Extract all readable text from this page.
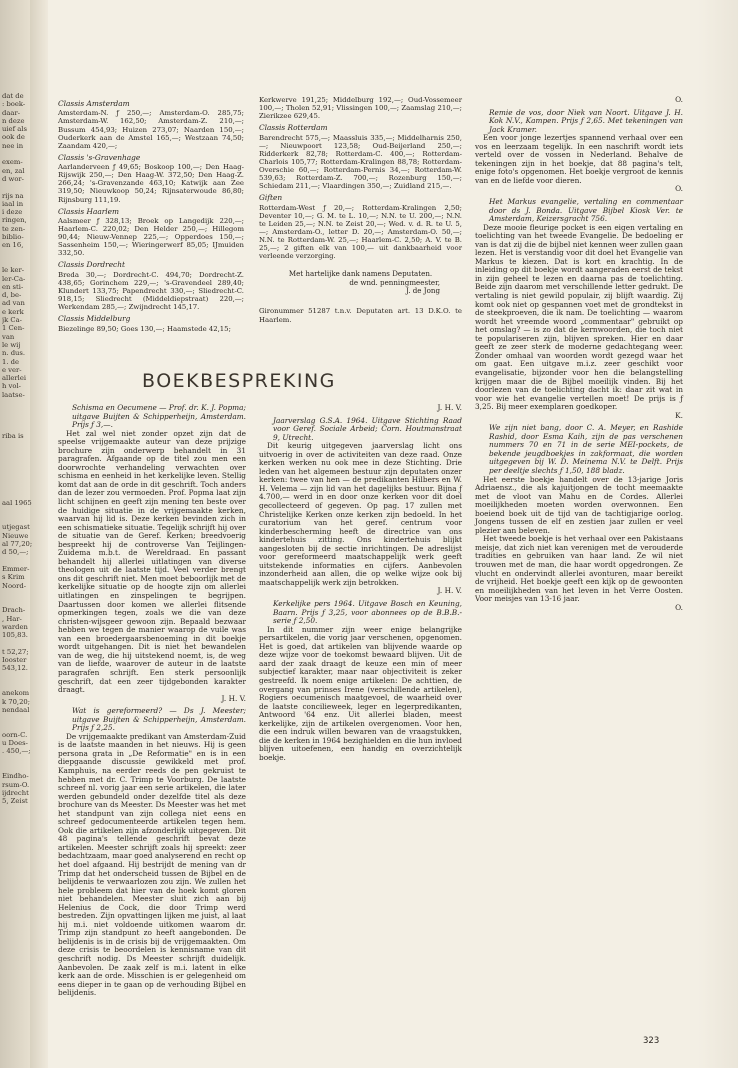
dat de
: boek-
daar-
n deze
uief als
ook de
nee in

exem-
en, zal
d wor-

rijs na
iaal in
i deze
ringen,
te zen-
biblio-
en 16,

le ker-
ler-Ca-
en sti-
d, be-
ad van
e kerk
jk Ca-
1 Cen-
van
le wij
n. dus.
1. de
e ver-
allerlei
h vol-
laatse-

riba is

aal 1965

utjegast
Nieuwe
al 77,20;
d 50,—;

Emmer-
s Krim
Noord-

Drach-
, Har-
warden
105,83.

t 52,27;
Iooster
543,12.

anekom
k 70,20;
nendaal

oorn-C.
u Does-
. 450,—;

Eindho-
rsum-O.
ijdrecht
5, Zeist
Classis Amsterdam
Amsterdam-N. ƒ 250,—; Amsterdam-O. 285,75; Amsterdam-W. 162,50; Amsterdam-Z. 210,—; Bussum 454,93; Huizen 273,07; Naarden 150,—; Ouderkerk aan de Amstel 165,—; Westzaan 74,50; Zaandam 420,—;
Classis 's-Gravenhage
Aarlanderveen ƒ 49,65; Boskoop 100,—; Den Haag-Rijswijk 250,—; Den Haag-W. 372,50; Den Haag-Z. 266,24; 's-Gravenzande 463,10; Katwijk aan Zee 319,50; Nieuwkoop 50,24; Rijnsaterwoude 86,80; Rijnsburg 111,19.
Classis Haarlem
Aalsmeer ƒ 328,13; Broek op Langedijk 220,—; Haarlem-C. 220,02; Den Helder 250,—; Hillegom 90,44; Nieuw-Vennep 225,—; Opperdoes 150,—; Sassenheim 150,—; Wieringerwerf 85,05; IJmuiden 332,50.
Classis Dordrecht
Breda 30,—; Dordrecht-C. 494,70; Dordrecht-Z. 438,65; Gorinchem 229,—; 's-Gravendeel 289,40; Klundert 133,75; Papendrecht 330,—; Sliedrecht-C. 918,15; Sliedrecht (Middeldiepstraat) 220,—; Werkendam 285,—; Zwijndrecht 145,17.
Classis Middelburg
Biezelinge 89,50; Goes 130,—; Haamstede 42,15;
Kerkwerve 191,25; Middelburg 192,—; Oud-Vossemeer 100,—; Tholen 52,91; Vlissingen 100,—; Zaamslag 210,—; Zierikzee 629,45.
Classis Rotterdam
Barendrecht 575,—; Maassluis 335,—; Middelharnis 250,—; Nieuwpoort 123,58; Oud-Beijerland 250,—; Ridderkerk 82,78; Rotterdam-C. 400,—; Rotterdam-Charlois 105,77; Rotterdam-Kralingen 88,78; Rotterdam-Overschie 60,—; Rotterdam-Pernis 34,—; Rotterdam-W. 539,63; Rotterdam-Z. 700,—; Rozenburg 150,—; Schiedam 211,—; Vlaardingen 350,—; Zuidland 215,—.
Giften
Rotterdam-West ƒ 20,—; Rotterdam-Kralingen 2,50; Deventer 10,—; G. M. te L. 10,—; N.N. te U. 200,—; N.N. te Leiden 25,—; N.N. te Zeist 20,—; Wed. v. d. R. te U. 5,—; Amsterdam-O., letter D. 20,—; Amsterdam-O. 50,—; N.N. te Rotterdam-W. 25,—; Haarlem-C. 2,50; A. V. te B. 25,—; 2 giften elk van 100,— uit dankbaarheid voor verleende verzorging.
Met hartelijke dank namens Deputaten.
de wnd. penningmeester,
J. de Jong
Gironummer 51287 t.n.v. Deputaten art. 13 D.K.O. te Haarlem.
BOEKBESPREKING

Schisma en Oecumene — Prof. dr. K. J. Popma; uitgave Buijten & Schipperheijn, Amsterdam. Prijs ƒ 3,—.

Het zal wel niet zonder opzet zijn dat de speelse vrijgemaakte auteur van deze prijzige brochure zijn onderwerp behandelt in 31 paragrafen. Afgaande op de titel zou men een doorwrochte verhandeling verwachten over schisma en eenheid in het kerkelijke leven. Stellig komt dat aan de orde in dit geschrift. Toch anders dan de lezer zou vermoeden. Prof. Popma laat zijn licht schijnen en geeft zijn mening ten beste over de huidige situatie in de vrijgemaakte kerken, waarvan hij lid is. Deze kerken bevinden zich in een schismatieke situatie. Tegelijk schrijft hij over de situatie van de Geref. Kerken; breedvoerig bespreekt hij de controverse Van Teijlingen-Zuidema m.b.t. de Wereldraad. En passant behandelt hij allerlei uitlatingen van diverse theologen uit de laatste tijd. Veel verder brengt ons dit geschrift niet. Men moet beboorlijk met de kerkelijke situatie op de hoogte zijn om allerlei uitlatingen en zinspelingen te begrijpen. Daartussen door komen we allerlei flitsende opmerkingen tegen, zoals we die van deze christen-wijsgeer gewoon zijn. Bepaald bezwaar hebben we tegen de manier waarop de vuile was van een broedergaarsbenoeming in dit boekje wordt uitgehangen. Dit is niet het bewandelen van de weg, die hij uitstekend noemt, is, de weg van de liefde, waarover de auteur in de laatste paragrafen schrijft. Een sterk persoonlijk geschrift, dat een zeer tijdgebonden karakter draagt.

J. H. V.

Wat is gereformeerd? — Ds J. Meester; uitgave Buijten & Schipperheijn, Amsterdam. Prijs ƒ 2,25.

De vrijgemaakte predikant van Amsterdam-Zuid is de laatste maanden in het nieuws. Hij is geen persona grata in „De Reformatie" en is in een diepgaande discussie gewikkeld met prof. Kamphuis, na eerder reeds de pen gekruist te hebben met dr. C. Trimp te Voorburg. De laatste schreef nl. vorig jaar een serie artikelen, die later werden gebundeld onder dezelfde titel als deze brochure van ds Meester. Ds Meester was het met het standpunt van zijn collega niet eens en schreef gedocumenteerde artikelen tegen hem. Ook die artikelen zijn afzonderlijk uitgegeven. Dit 48 pagina's tellende geschrift bevat deze artikelen. Meester schrijft zoals hij spreekt: zeer bedachtzaam, maar goed analyserend en recht op het doel afgaand. Hij bestrijdt de mening van dr Trimp dat het onderscheid tussen de Bijbel en de belijdenis te verwaarlozen zou zijn. We zullen het hele probleem dat hier van de hoek komt gloren niet behandelen. Meester sluit zich aan bij Helenius de Cock, die door Trimp werd bestreden. Zijn opvattingen lijken me juist, al laat hij m.i. niet voldoende uitkomen waarom dr. Trimp zijn standpunt zo heeft aangebonden. De belijdenis is in de crisis bij de vrijgemaakten. Om deze crisis te beoordelen is kennisname van dit geschrift nodig. Ds Meester schrijft duidelijk. Aanbevolen. De zaak zelf is m.i. latent in elke kerk aan de orde. Misschien is er gelegenheid om eens dieper in te gaan op de verhouding Bijbel en belijdenis.

J. H. V.

Jaarverslag G.S.A. 1964. Uitgave Stichting Raad voor Geref. Sociale Arbeid; Corn. Houtmanstraat 9, Utrecht.

Dit keurig uitgegeven jaarverslag licht ons uitvoerig in over de activiteiten van deze raad. Onze kerken werken nu ook mee in deze Stichting. Drie leden van het algemeen bestuur zijn deputaten onzer kerken: twee van hen — de predikanten Hilbers en W. H. Velema — zijn lid van het dagelijks bestuur. Bijna ƒ 4.700,— werd in en door onze kerken voor dit doel gecollecteerd of gegeven. Op pag. 17 zullen met Christelijke Kerken onze kerken zijn bedoeld. In het curatorium van het geref. centrum voor kinderbescherming heeft de directrice van ons kindertehuis zitting. Ons kindertehuis blijkt aangesloten bij de sectie inrichtingen. De adreslijst voor gereformeerd maatschappelijk werk geeft uitstekende informaties en cijfers. Aanbevolen inzonderheid aan allen, die op welke wijze ook bij maatschappelijk werk zijn betrokken.

J. H. V.

Kerkelijke pers 1964. Uitgave Bosch en Keuning, Baarn. Prijs ƒ 3,25, voor abonnees op de B.B.B.-serie ƒ 2,50.

In dit nummer zijn weer enige belangrijke persartikelen, die vorig jaar verschenen, opgenomen. Het is goed, dat artikelen van blijvende waarde op deze wijze voor de toekomst bewaard blijven. Uit de aard der zaak draagt de keuze een min of meer subjectief karakter, maar naar objectiviteit is zeker gestreefd. Ik noem enige artikelen: De achttien, de overgang van prinses Irene (verschillende artikelen), Rogiers oecumenisch maatgevoel, de waarheid over de laatste concilieweek, leger en legerpredikanten, Antwoord '64 enz. Uit allerlei bladen, meest kerkelijke, zijn de artikelen overgenomen. Voor hen, die een indruk willen bewaren van de vraagstukken, die de kerken in 1964 bezighielden en die hun invloed blijven uitoefenen, een handig en overzichtelijk boekje.

O.

Remie de vos, door Niek van Noort. Uitgave J. H. Kok N.V., Kampen. Prijs ƒ 2,65. Met tekeningen van Jack Kramer.

Een voor jonge lezertjes spannend verhaal over een vos en leerzaam tegelijk. In een naschrift wordt iets verteld over de vossen in Nederland. Behalve de tekeningen zijn in het boekje, dat 88 pagina's telt, enige foto's opgenomen. Het boekje vergroot de kennis van en de liefde voor dieren.

O.

Het Markus evangelie, vertaling en commentaar door ds J. Bonda. Uitgave Bijbel Kiosk Ver. te Amsterdam, Keizersgracht 756.

Deze mooie fleurige pocket is een eigen vertaling en toelichting van het tweede Evangelie. De bedoeling er van is dat zij die de bijbel niet kennen weer zullen gaan lezen. Het is verstandig voor dit doel het Evangelie van Markus te kiezen. Dat is kort en krachtig. In de inleiding op dit boekje wordt aangeraden eerst de tekst in zijn geheel te lezen en daarna pas de toelichting. Beide zijn daarom met verschillende letter gedrukt. De vertaling is niet gewild populair, zij blijft waardig. Zij komt ook niet op gespannen voet met de grondtekst in de steekproeven, die ik nam. De toelichting — waarom wordt het vreemde woord „commentaar" gebruikt op het omslag? — is zo dat de kernwoorden, die toch niet te populariseren zijn, blijven spreken. Hier en daar geeft ze zeer sterk de moderne gedachtegang weer. Zonder omhaal van woorden wordt gezegd waar het om gaat. Een uitgave m.i.z. zeer geschikt voor evangelisatie, bijzonder voor hen die belangstelling krijgen maar die de Bijbel moeilijk vinden. Bij het doorlezen van de toelichting dacht ik: daar zit wat in voor wie het evangelie vertellen moet! De prijs is ƒ 3,25. Bij meer exemplaren goedkoper.

K.

We zijn niet bang, door C. A. Meyer, en Rashide Rashid, door Esma Kaih, zijn de pas verschenen nummers 70 en 71 in de serie MEI-pockets, de bekende jeugdboekjes in zakformaat, die worden uitgegeven bij W. D. Meinema N.V. te Delft. Prijs per deeltje slechts ƒ 1,50, 188 bladz.

Het eerste boekje handelt over de 13-jarige Joris Adriaensz., die als kajuitjongen de tocht meemaakte met de vloot van Mahu en de Cordes. Allerlei moeilijkheden moeten worden overwonnen. Een boeiend boek uit de tijd van de tachtigjarige oorlog. Jongens tussen de elf en zestien jaar zullen er veel plezier aan beleven.

Het tweede boekje is het verhaal over een Pakistaans meisje, dat zich niet kan verenigen met de verouderde tradities en gebruiken van haar land. Ze wil niet trouwen met de man, die haar wordt opgedrongen. Ze vlucht en ondervindt allerlei avonturen, maar bereikt de vrijheid. Het boekje geeft een kijk op de gewoonten en moeilijkheden van het leven in het Verre Oosten. Voor meisjes van 13-16 jaar.

O.

323
